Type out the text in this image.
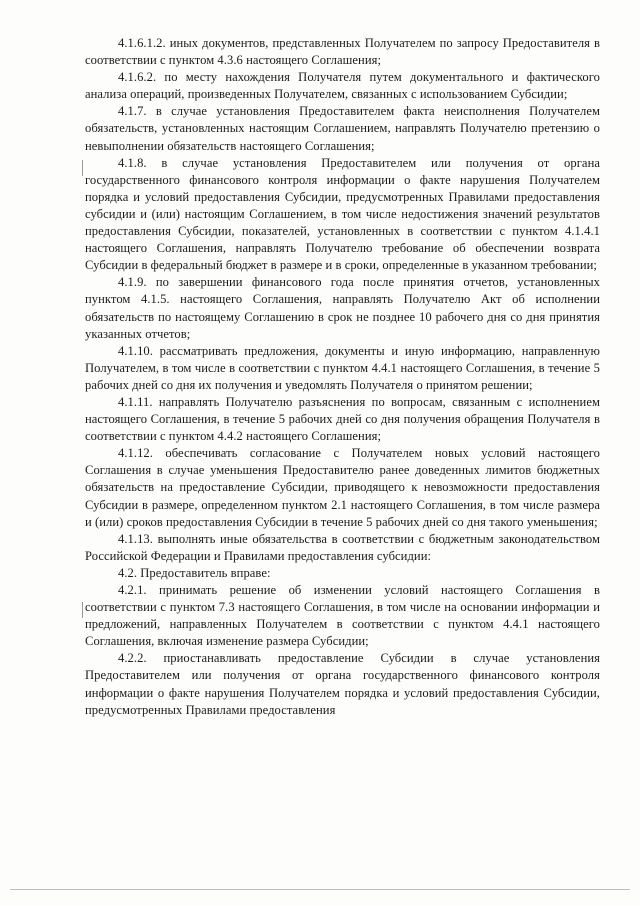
4.1.6.1.2. иных документов, представленных Получателем по запросу Предоставителя в соответствии с пунктом 4.3.6 настоящего Соглашения;

4.1.6.2. по месту нахождения Получателя путем документального и фактического анализа операций, произведенных Получателем, связанных с использованием Субсидии;

4.1.7. в случае установления Предоставителем факта неисполнения Получателем обязательств, установленных настоящим Соглашением, направлять Получателю претензию о невыполнении обязательств настоящего Соглашения;

4.1.8. в случае установления Предоставителем или получения от органа государственного финансового контроля информации о факте нарушения Получателем порядка и условий предоставления Субсидии, предусмотренных Правилами предоставления субсидии и (или) настоящим Соглашением, в том числе недостижения значений результатов предоставления Субсидии, показателей, установленных в соответствии с пунктом 4.1.4.1 настоящего Соглашения, направлять Получателю требование об обеспечении возврата Субсидии в федеральный бюджет в размере и в сроки, определенные в указанном требовании;

4.1.9. по завершении финансового года после принятия отчетов, установленных пунктом 4.1.5. настоящего Соглашения, направлять Получателю Акт об исполнении обязательств по настоящему Соглашению в срок не позднее 10 рабочего дня со дня принятия указанных отчетов;

4.1.10. рассматривать предложения, документы и иную информацию, направленную Получателем, в том числе в соответствии с пунктом 4.4.1 настоящего Соглашения, в течение 5 рабочих дней со дня их получения и уведомлять Получателя о принятом решении;

4.1.11. направлять Получателю разъяснения по вопросам, связанным с исполнением настоящего Соглашения, в течение 5 рабочих дней со дня получения обращения Получателя в соответствии с пунктом 4.4.2 настоящего Соглашения;

4.1.12. обеспечивать согласование с Получателем новых условий настоящего Соглашения в случае уменьшения Предоставителю ранее доведенных лимитов бюджетных обязательств на предоставление Субсидии, приводящего к невозможности предоставления Субсидии в размере, определенном пунктом 2.1 настоящего Соглашения, в том числе размера и (или) сроков предоставления Субсидии в течение 5 рабочих дней со дня такого уменьшения;

4.1.13. выполнять иные обязательства в соответствии с бюджетным законодательством Российской Федерации и Правилами предоставления субсидии:

4.2. Предоставитель вправе:

4.2.1. принимать решение об изменении условий настоящего Соглашения в соответствии с пунктом 7.3 настоящего Соглашения, в том числе на основании информации и предложений, направленных Получателем в соответствии с пунктом 4.4.1 настоящего Соглашения, включая изменение размера Субсидии;

4.2.2. приостанавливать предоставление Субсидии в случае установления Предоставителем или получения от органа государственного финансового контроля информации о факте нарушения Получателем порядка и условий предоставления Субсидии, предусмотренных Правилами предоставления
